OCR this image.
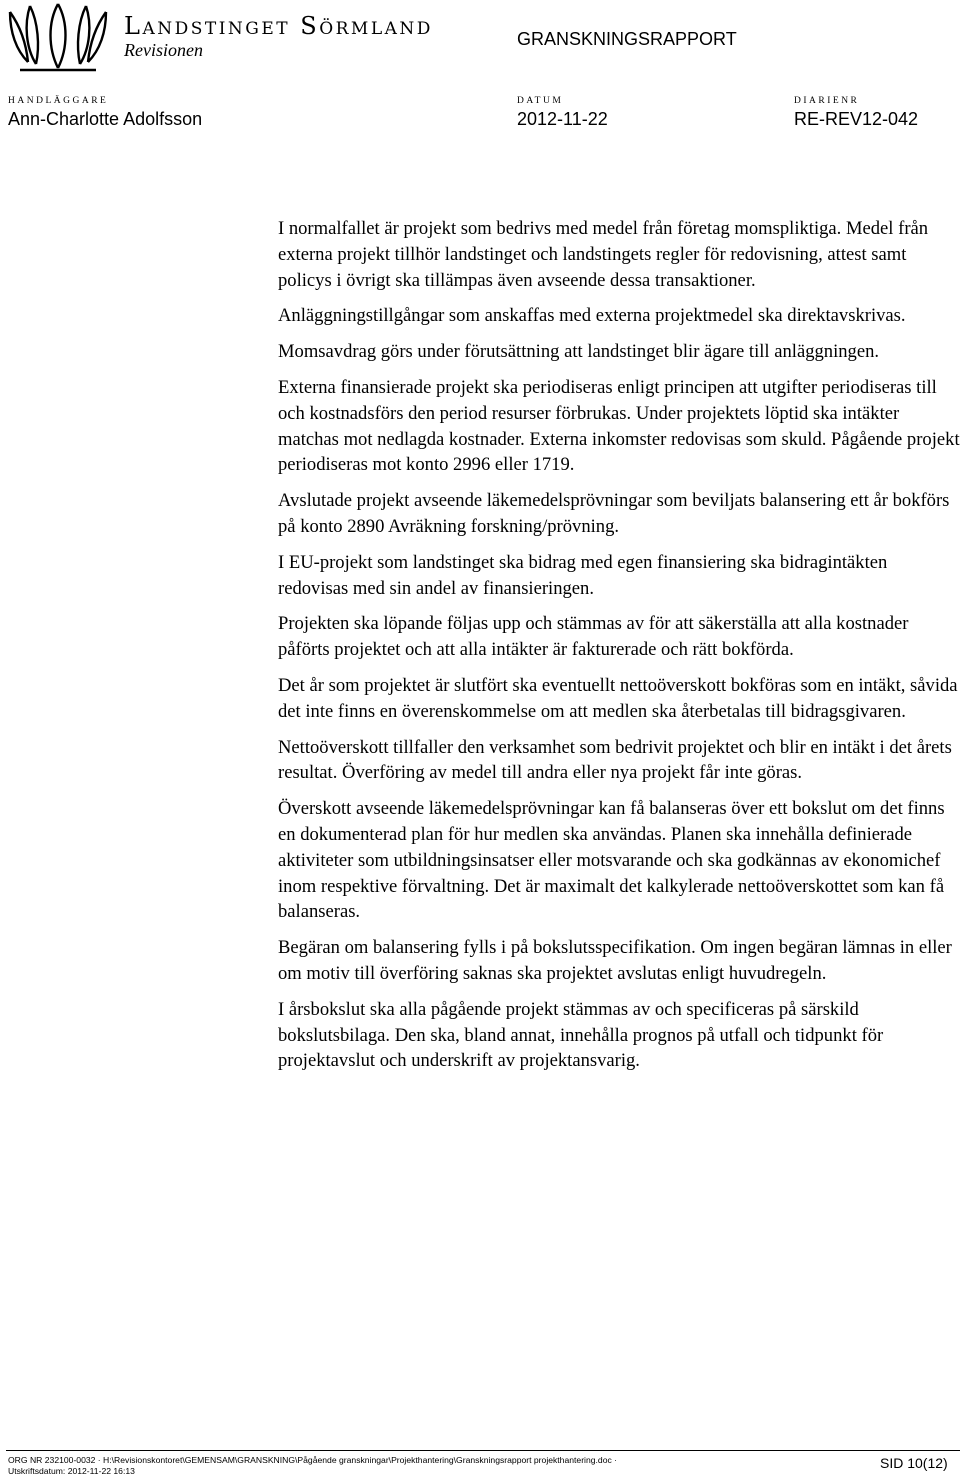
Landstinget Sörmland
Revisionen
GRANSKNINGSRAPPORT
HANDLÄGGARE	DATUM	DIARIENR
Ann-Charlotte Adolfsson	2012-11-22	RE-REV12-042

I normalfallet är projekt som bedrivs med medel från företag momspliktiga. Medel från externa projekt tillhör landstinget och landstingets regler för redovisning, attest samt policys i övrigt ska tillämpas även avseende dessa transaktioner.

Anläggningstillgångar som anskaffas med externa projektmedel ska direktavskrivas.

Momsavdrag görs under förutsättning att landstinget blir ägare till anläggningen.

Externa finansierade projekt ska periodiseras enligt principen att utgifter periodiseras till och kostnadsförs den period resurser förbrukas. Under projektets löptid ska intäkter matchas mot nedlagda kostnader. Externa inkomster redovisas som skuld. Pågående projekt periodiseras mot konto 2996 eller 1719.

Avslutade projekt avseende läkemedelsprövningar som beviljats balansering ett år bokförs på konto 2890 Avräkning forskning/prövning.

I EU-projekt som landstinget ska bidrag med egen finansiering ska bidragintäkten redovisas med sin andel av finansieringen.

Projekten ska löpande följas upp och stämmas av för att säkerställa att alla kostnader påförts projektet och att alla intäkter är fakturerade och rätt bokförda.

Det år som projektet är slutfört ska eventuellt nettoöverskott bokföras som en intäkt, såvida det inte finns en överenskommelse om att medlen ska återbetalas till bidragsgivaren.

Nettoöverskott tillfaller den verksamhet som bedrivit projektet och blir en intäkt i det årets resultat. Överföring av medel till andra eller nya projekt får inte göras.

Överskott avseende läkemedelsprövningar kan få balanseras över ett bokslut om det finns en dokumenterad plan för hur medlen ska användas. Planen ska innehålla definierade aktiviteter som utbildningsinsatser eller motsvarande och ska godkännas av ekonomichef inom respektive förvaltning. Det är maximalt det kalkylerade nettoöverskottet som kan få balanseras.

Begäran om balansering fylls i på bokslutsspecifikation. Om ingen begäran lämnas in eller om motiv till överföring saknas ska projektet avslutas enligt huvudregeln.

I årsbokslut ska alla pågående projekt stämmas av och specificeras på särskild bokslutsbilaga. Den ska, bland annat, innehålla prognos på utfall och tidpunkt för projektavslut och underskrift av projektansvarig.

ORG NR 232100-0032 · H:\Revisionskontoret\GEMENSAM\GRANSKNING\Pågående granskningar\Projekthantering\Granskningsrapport projekthantering.doc ·
Utskriftsdatum: 2012-11-22 16:13	SID 10(12)
